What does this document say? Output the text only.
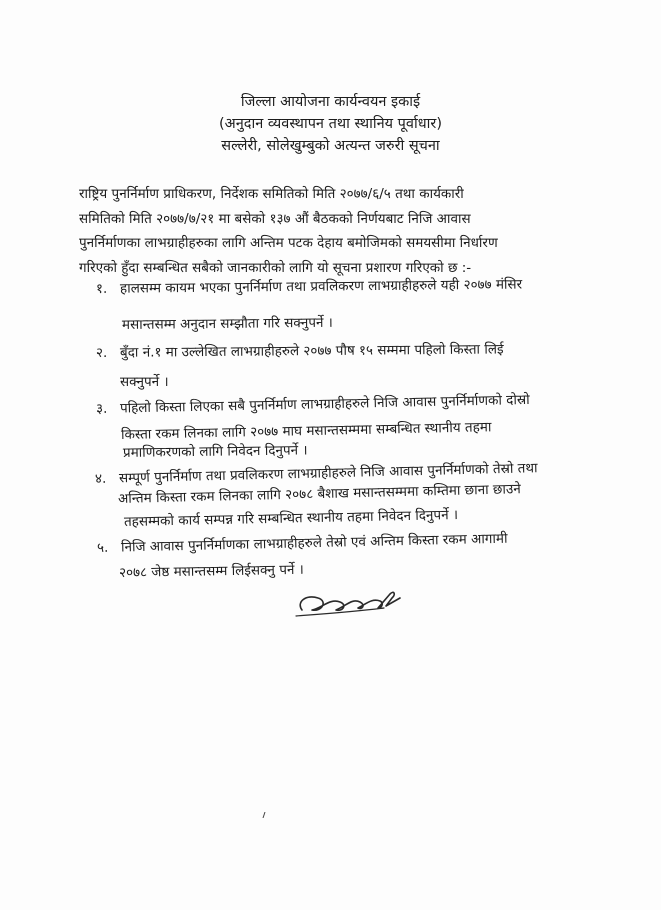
जिल्ला आयोजना कार्यन्वयन इकाई
(अनुदान व्यवस्थापन तथा स्थानिय पूर्वाधार)
सल्लेरी, सोलेखुम्बुको अत्यन्त जरुरी सूचना
राष्ट्रिय पुनर्निर्माण प्राधिकरण, निर्देशक समितिको मिति २०७७/६/५ तथा कार्यकारी
समितिको मिति २०७७/७/२१ मा बसेको १३७ औं बैठकको निर्णयबाट निजि आवास
पुनर्निर्माणका लाभग्राहीहरुका लागि अन्तिम पटक देहाय बमोजिमको समयसीमा निर्धारण
गरिएको हुँदा सम्बन्धित सबैको जानकारीको लागि यो सूचना प्रशारण गरिएको छ :-
१. हालसम्म कायम भएका पुनर्निर्माण तथा प्रवलिकरण लाभग्राहीहरुले यही २०७७ मंसिर
मसान्तसम्म अनुदान सम्झौता गरि सक्नुपर्ने ।
२. बुँदा नं.१ मा उल्लेखित लाभग्राहीहरुले २०७७ पौष १५ सम्ममा पहिलो किस्ता लिई
सक्नुपर्ने ।
३. पहिलो किस्ता लिएका सबै पुनर्निर्माण लाभग्राहीहरुले निजि आवास पुनर्निर्माणको दोस्रो
किस्ता रकम लिनका लागि २०७७ माघ मसान्तसम्ममा सम्बन्धित स्थानीय तहमा
प्रमाणिकरणको लागि निवेदन दिनुपर्ने ।
४. सम्पूर्ण पुनर्निर्माण तथा प्रवलिकरण लाभग्राहीहरुले निजि आवास पुनर्निर्माणको तेस्रो तथा
अन्तिम किस्ता रकम लिनका लागि २०७८ बैशाख मसान्तसम्ममा कम्तिमा छाना छाउने
तहसम्मको कार्य सम्पन्न गरि सम्बन्धित स्थानीय तहमा निवेदन दिनुपर्ने ।
५. निजि आवास पुनर्निर्माणका लाभग्राहीहरुले तेस्रो एवं अन्तिम किस्ता रकम आगामी
२०७८ जेष्ठ मसान्तसम्म लिईसक्नु पर्ने ।
